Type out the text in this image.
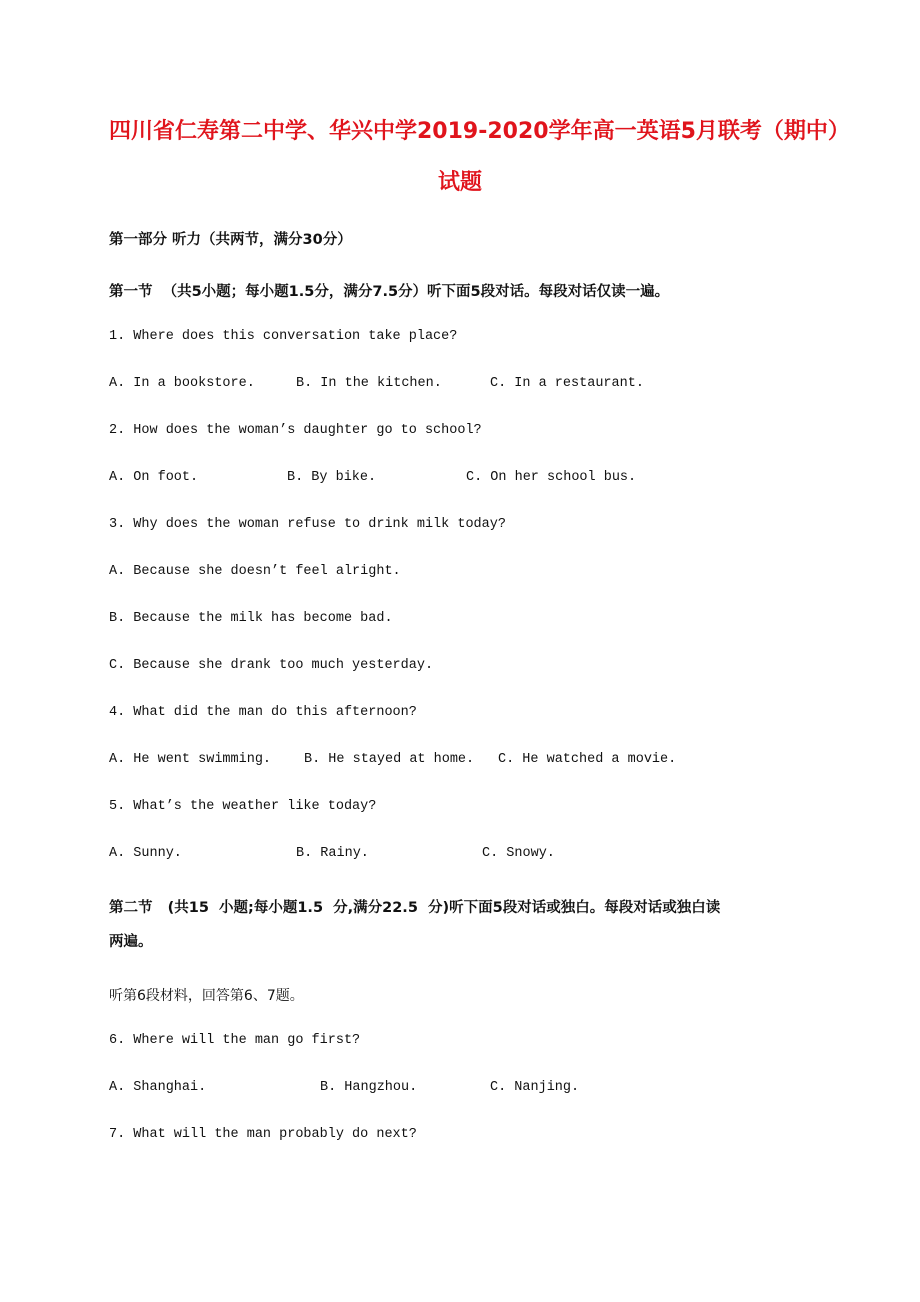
四川省仁寿第二中学、华兴中学2019-2020学年高一英语5月联考（期中）
试题
第一部分 听力（共两节，满分30分）
第一节  （共5小题；每小题1.5分，满分7.5分）听下面5段对话。每段对话仅读一遍。
1. Where does this conversation take place?
A. In a bookstore.	B. In the kitchen.	C. In a restaurant.
2. How does the woman’s daughter go to school?
A. On foot.	B. By bike.	C. On her school bus.
3. Why does the woman refuse to drink milk today?
A. Because she doesn’t feel alright.
B. Because the milk has become bad.
C. Because she drank too much yesterday.
4. What did the man do this afternoon?
A. He went swimming. B. He stayed at home. C. He watched a movie.
5. What’s the weather like today?
A. Sunny.	B. Rainy.	C. Snowy.
第二节   (共15  小题;每小题1.5  分,满分22.5  分)听下面5段对话或独白。每段对话或独白读
两遍。
听第6段材料，回答第6、7题。
6. Where will the man go first?
A. Shanghai.	B. Hangzhou.	C. Nanjing.
7. What will the man probably do next?
